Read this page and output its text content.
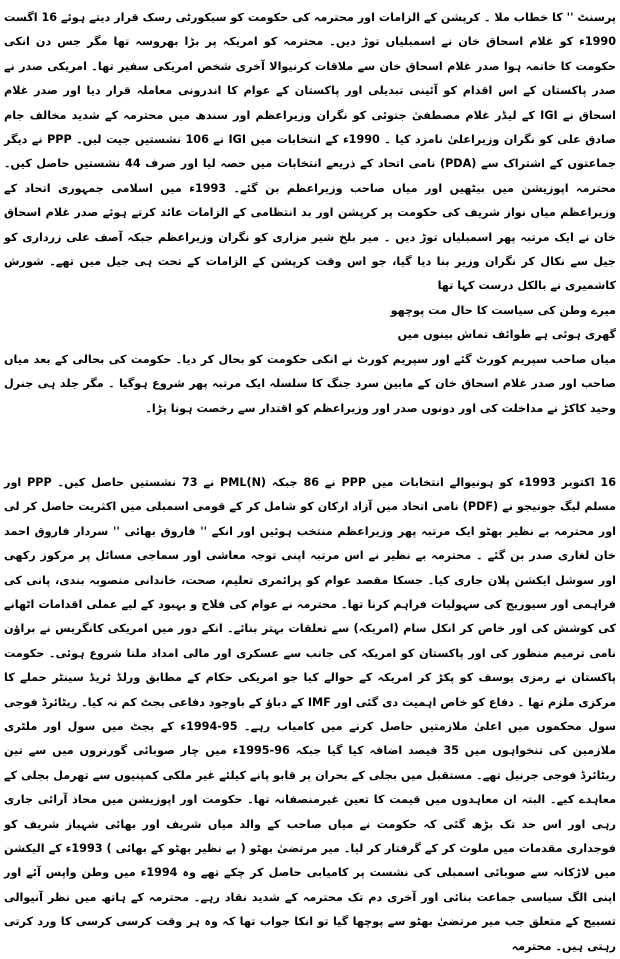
پرسنٹ '' کا خطاب ملا ۔ کرپشن کے الزامات اور محترمہ کی حکومت کو سیکورٹی رسک قرار دیتے ہوئے 16 اگست 1990ء کو غلام اسحاق خان نے اسمبلیاں توڑ دیں۔ محترمہ کو امریکہ پر بڑا بھروسہ تھا مگر جس دن انکی حکومت کا خاتمہ ہوا صدر غلام اسحاق خان سے ملاقات کرنیوالا آخری شخص امریکی سفیر تھا۔ امریکی صدر نے صدر پاکستان کے اس اقدام کو آئینی تبدیلی اور پاکستان کے عوام کا اندرونی معاملہ قرار دیا اور صدر غلام اسحاق نے IGI کے لیڈر غلام مصطفیٰ جتوئی کو نگران وزیراعظم اور سندھ میں محترمہ کے شدید مخالف جام صادق علی کو نگران وزیراعلیٰ نامزد کیا ۔ 1990ء کے انتخابات میں IGI نے 106 نشستیں جیت لیں۔ PPP نے دیگر جماعتوں کے اشتراک سے (PDA) نامی اتحاد کے ذریعے انتخابات میں حصہ لیا اور صرف 44 نشستیں حاصل کیں۔ محترمہ اپوزیشن میں بیٹھیں اور میاں صاحب وزیراعظم بن گئے۔ 1993ء میں اسلامی جمہوری اتحاد کے وزیراعظم میاں نواز شریف کی حکومت پر کرپشن اور بد انتظامی کے الزامات عائد کرتے ہوئے صدر غلام اسحاق خان نے ایک مرتبہ پھر اسمبلیاں توڑ دیں ۔ میر بلخ شیر مزاری کو نگران وزیراعظم جبکہ آصف علی زرداری کو جیل سے نکال کر نگران وزیر بنا دیا گیا، جو اس وقت کرپشن کے الزامات کے تحت ہی جیل میں تھے۔ شورش کاشمیری نے بالکل درست کہا تھا

میرے وطن کی سیاست کا حال مت پوچھو

گھری ہوئی ہے طوائف تماش بینوں میں

میاں صاحب سپریم کورٹ گئے اور سپریم کورٹ نے انکی حکومت کو بحال کر دیا۔ حکومت کی بحالی کے بعد میاں صاحب اور صدر غلام اسحاق خان کے مابین سرد جنگ کا سلسلہ ایک مرتبہ پھر شروع ہوگیا ۔ مگر جلد ہی جنرل وحید کاکڑ نے مداخلت کی اور دونوں صدر اور وزیراعظم کو اقتدار سے رخصت ہونا پڑا۔

16 اکتوبر 1993ء کو ہونیوالے انتخابات میں PPP نے 86 جبکہ PML(N) نے 73 نشستیں حاصل کیں۔ PPP اور مسلم لیگ جونیجو نے (PDF) نامی اتحاد میں آزاد ارکان کو شامل کر کے قومی اسمبلی میں اکثریت حاصل کر لی اور محترمہ بے نظیر بھٹو ایک مرتبہ پھر وزیراعظم منتخب ہوئیں اور انکے '' فاروق بھائی '' سردار فاروق احمد خان لغاری صدر بن گئے ۔ محترمہ بے نظیر نے اس مرتبہ اپنی توجہ معاشی اور سماجی مسائل پر مرکوز رکھی اور سوشل ایکشن پلان جاری کیا۔ جسکا مقصد عوام کو پرائمری تعلیم، صحت، خاندانی منصوبہ بندی، پانی کی فراہمی اور سیوریج کی سہولیات فراہم کرنا تھا۔ محترمہ نے عوام کی فلاح و بہبود کے لیے عملی اقدامات اٹھانے کی کوشش کی اور خاص کر انکل سام (امریکہ) سے تعلقات بہتر بنائے۔ انکے دور میں امریکی کانگریس نے براؤن نامی ترمیم منظور کی اور پاکستان کو امریکہ کی جانب سے عسکری اور مالی امداد ملنا شروع ہوئی۔ حکومت پاکستان نے رمزی یوسف کو پکڑ کر امریکہ کے حوالے کیا جو امریکی حکام کے مطابق ورلڈ ٹریڈ سینٹر حملے کا مرکزی ملزم تھا ۔ دفاع کو خاص اہمیت دی گئی اور IMF کے دباؤ کے باوجود دفاعی بجٹ کم نہ کیا۔ ریٹائرڈ فوجی سول محکموں میں اعلیٰ ملازمتیں حاصل کرنے میں کامیاب رہے۔ 95-1994ء کے بجٹ میں سول اور ملٹری ملازمین کی تنخواہوں میں 35 فیصد اضافہ کیا گیا جبکہ 96-1995ء میں چار صوبائی گورنروں میں سے تین ریٹائرڈ فوجی جرنیل تھے۔ مستقبل میں بجلی کے بحران پر قابو پانے کیلئے غیر ملکی کمپنیوں سے تھرمل بجلی کے معاہدے کیے۔ البتہ ان معاہدوں میں قیمت کا تعین غیرمنصفانہ تھا۔ حکومت اور اپوزیشن میں محاذ آرائی جاری رہی اور اس حد تک بڑھ گئی کہ حکومت نے میاں صاحب کے والد میاں شریف اور بھائی شہباز شریف کو فوجداری مقدمات میں ملوث کر کے گرفتار کر لیا۔ میر مرتضیٰ بھٹو ( بے نظیر بھٹو کے بھائی ) 1993ء کے الیکشن میں لاڑکانہ سے صوبائی اسمبلی کی نشست پر کامیابی حاصل کر چکے تھے وہ 1994ء میں وطن واپس آئے اور اپنی الگ سیاسی جماعت بنائی اور آخری دم تک محترمہ کے شدید نقاد رہے۔ محترمہ کے ہاتھ میں نظر آنیوالی تسبیح کے متعلق جب میر مرتضیٰ بھٹو سے پوچھا گیا تو انکا جواب تھا کہ وہ ہر وقت کرسی کرسی کا ورد کرتی رہتی ہیں۔ محترمہ
